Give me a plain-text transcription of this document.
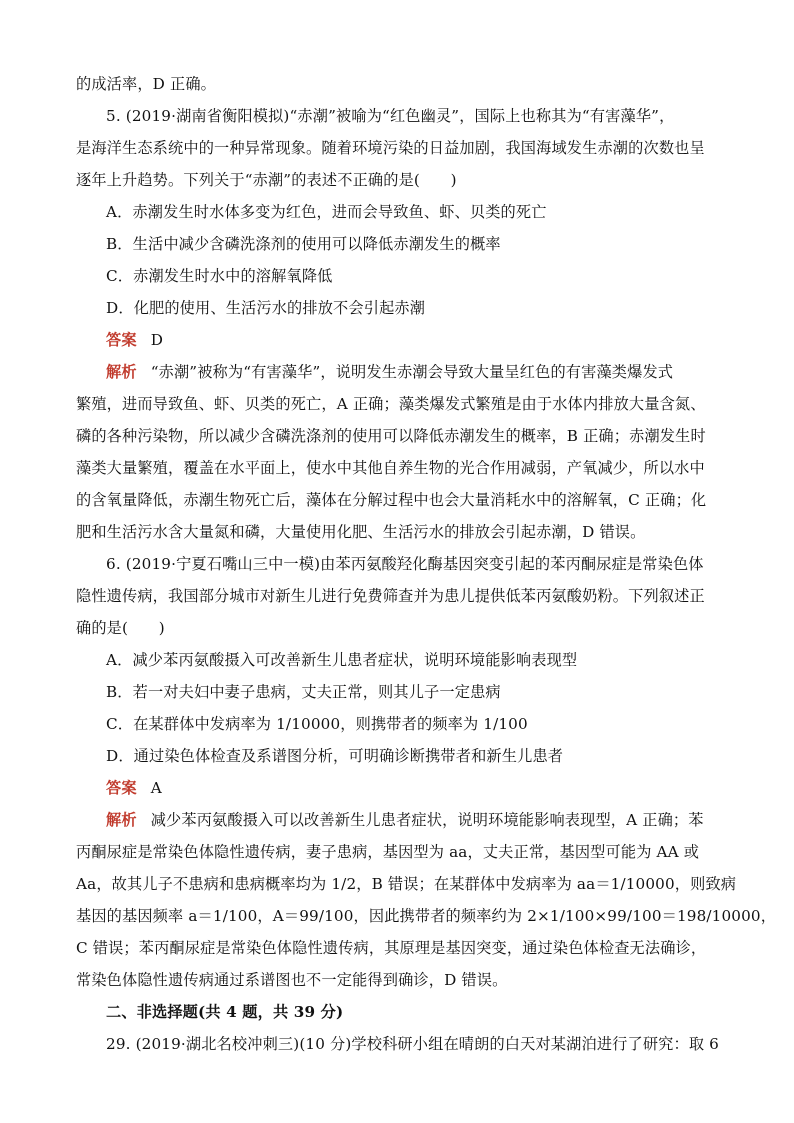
的成活率，D 正确。
5. (2019·湖南省衡阳模拟)“赤潮”被喻为“红色幽灵”，国际上也称其为“有害藻华”，
是海洋生态系统中的一种异常现象。随着环境污染的日益加剧，我国海域发生赤潮的次数也呈
逐年上升趋势。下列关于“赤潮”的表述不正确的是(　　)
A．赤潮发生时水体多变为红色，进而会导致鱼、虾、贝类的死亡
B．生活中减少含磷洗涤剂的使用可以降低赤潮发生的概率
C．赤潮发生时水中的溶解氧降低
D．化肥的使用、生活污水的排放不会引起赤潮
答案 D
解析 “赤潮”被称为“有害藻华”，说明发生赤潮会导致大量呈红色的有害藻类爆发式
繁殖，进而导致鱼、虾、贝类的死亡，A 正确；藻类爆发式繁殖是由于水体内排放大量含氮、
磷的各种污染物，所以减少含磷洗涤剂的使用可以降低赤潮发生的概率，B 正确；赤潮发生时
藻类大量繁殖，覆盖在水平面上，使水中其他自养生物的光合作用减弱，产氧减少，所以水中
的含氧量降低，赤潮生物死亡后，藻体在分解过程中也会大量消耗水中的溶解氧，C 正确；化
肥和生活污水含大量氮和磷，大量使用化肥、生活污水的排放会引起赤潮，D 错误。
6. (2019·宁夏石嘴山三中一模)由苯丙氨酸羟化酶基因突变引起的苯丙酮尿症是常染色体
隐性遗传病，我国部分城市对新生儿进行免费筛查并为患儿提供低苯丙氨酸奶粉。下列叙述正
确的是(　　)
A．减少苯丙氨酸摄入可改善新生儿患者症状，说明环境能影响表现型
B．若一对夫妇中妻子患病，丈夫正常，则其儿子一定患病
C．在某群体中发病率为 1/10000，则携带者的频率为 1/100
D．通过染色体检查及系谱图分析，可明确诊断携带者和新生儿患者
答案 A
解析 减少苯丙氨酸摄入可以改善新生儿患者症状，说明环境能影响表现型，A 正确；苯
丙酮尿症是常染色体隐性遗传病，妻子患病，基因型为 aa，丈夫正常，基因型可能为 AA 或
Aa，故其儿子不患病和患病概率均为 1/2，B 错误；在某群体中发病率为 aa＝1/10000，则致病
基因的基因频率 a＝1/100，A＝99/100，因此携带者的频率约为 2×1/100×99/100＝198/10000，
C 错误；苯丙酮尿症是常染色体隐性遗传病，其原理是基因突变，通过染色体检查无法确诊，
常染色体隐性遗传病通过系谱图也不一定能得到确诊，D 错误。
二、非选择题(共 4 题，共 39 分)
29. (2019·湖北名校冲刺三)(10 分)学校科研小组在晴朗的白天对某湖泊进行了研究：取 6
